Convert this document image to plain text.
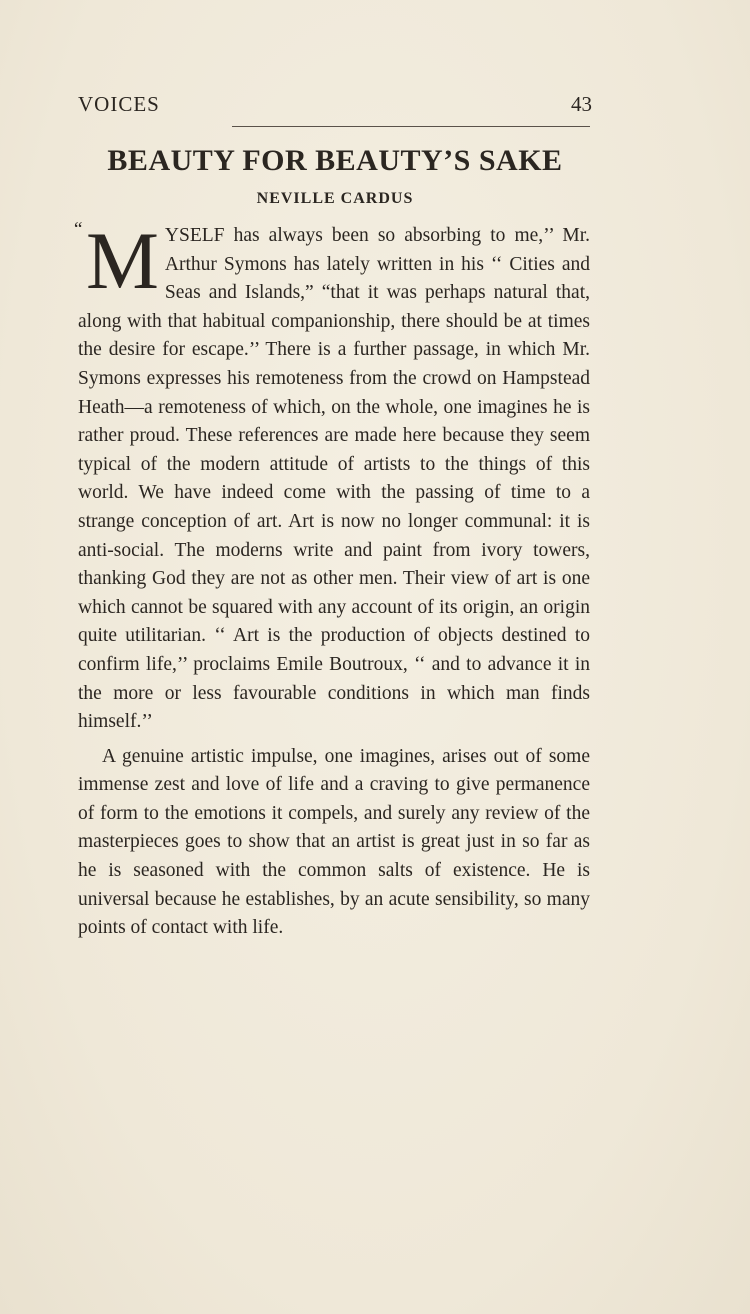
VOICES	43
BEAUTY FOR BEAUTY’S SAKE
NEVILLE CARDUS

“ M YSELF has always been so absorbing to me,’’ Mr. Arthur Symons has lately written in his ‘‘ Cities and Seas and Islands,” “that it was perhaps natural that, along with that habitual companionship, there should be at times the desire for escape.’’ There is a further passage, in which Mr. Symons expresses his remoteness from the crowd on Hampstead Heath—a remoteness of which, on the whole, one imagines he is rather proud. These references are made here because they seem typical of the modern attitude of artists to the things of this world. We have indeed come with the passing of time to a strange conception of art. Art is now no longer communal: it is anti-social. The moderns write and paint from ivory towers, thanking God they are not as other men. Their view of art is one which cannot be squared with any account of its origin, an origin quite utilitarian. ‘‘ Art is the production of objects destined to confirm life,’’ proclaims Emile Boutroux, ‘‘ and to advance it in the more or less favourable conditions in which man finds himself.’’

A genuine artistic impulse, one imagines, arises out of some immense zest and love of life and a craving to give permanence of form to the emotions it compels, and surely any review of the masterpieces goes to show that an artist is great just in so far as he is seasoned with the common salts of existence. He is universal because he establishes, by an acute sensibility, so many points of contact with life.
